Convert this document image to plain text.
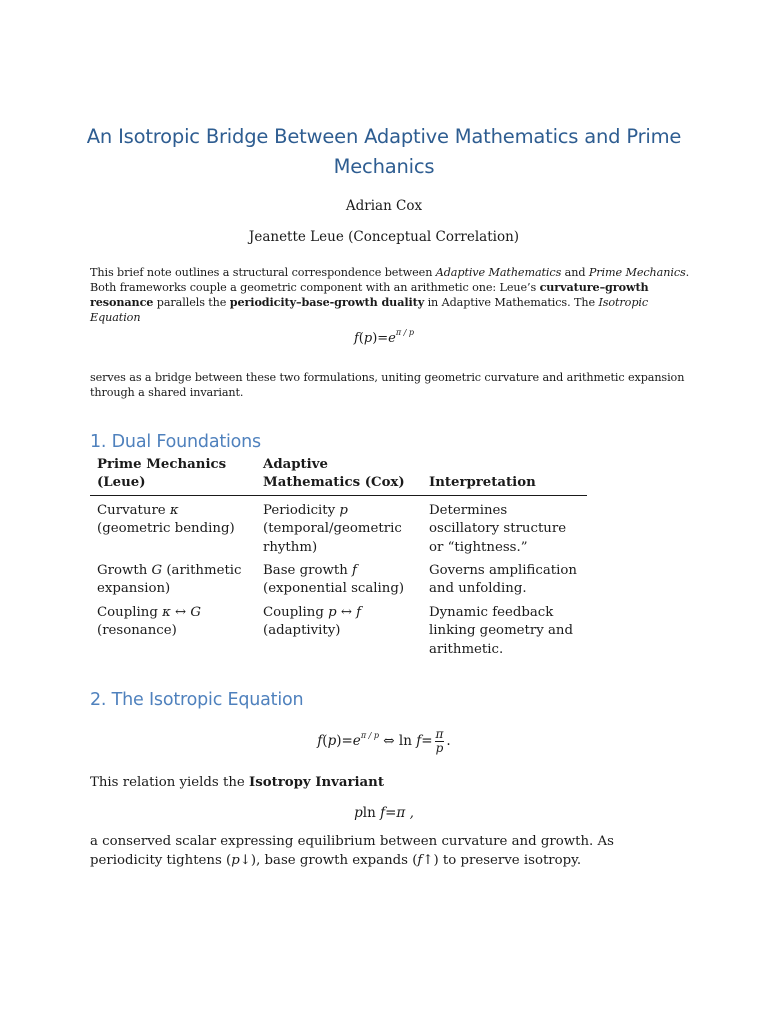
An Isotropic Bridge Between Adaptive Mathematics and Prime Mechanics
Adrian Cox
Jeanette Leue (Conceptual Correlation)

This brief note outlines a structural correspondence between Adaptive Mathematics and Prime Mechanics. Both frameworks couple a geometric component with an arithmetic one: Leue’s curvature–growth resonance parallels the periodicity–base-growth duality in Adaptive Mathematics. The Isotropic Equation

$f(p)=e^{\pi / p}$

serves as a bridge between these two formulations, uniting geometric curvature and arithmetic expansion through a shared invariant.

1. Dual Foundations
Prime Mechanics (Leue)	Adaptive Mathematics (Cox)	Interpretation
Curvature κ (geometric bending)	Periodicity p (temporal/geometric rhythm)	Determines oscillatory structure or “tightness.”
Growth G (arithmetic expansion)	Base growth f (exponential scaling)	Governs amplification and unfolding.
Coupling κ ↔ G (resonance)	Coupling p ↔ f (adaptivity)	Dynamic feedback linking geometry and arithmetic.
2. The Isotropic Equation
$f(p)=e^{\pi / p}$ ⇔ $\ln f= \frac{\pi}{p}$ .

This relation yields the Isotropy Invariant

pln f=π ,

a conserved scalar expressing equilibrium between curvature and growth. As periodicity tightens (p↓), base growth expands (f↑) to preserve isotropy.
